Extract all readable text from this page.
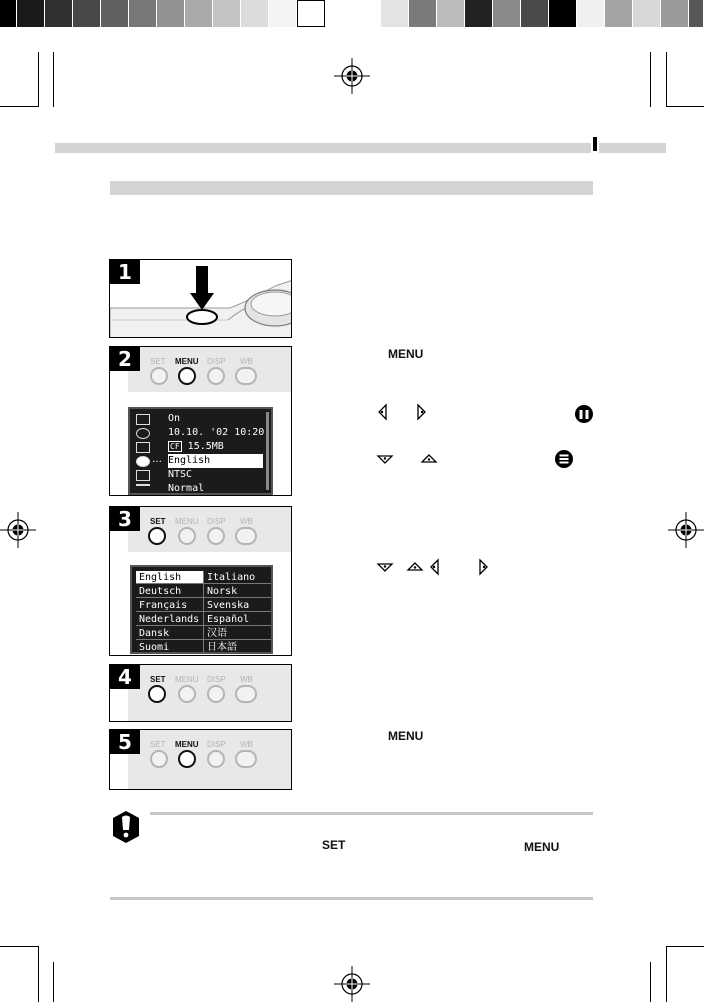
1
2	SET MENU DISP WB
On
10.10. '02 10:20
CF 15.5MB
… English
NTSC
Normal
3	SET MENU DISP WB
English	Italiano
Deutsch	Norsk
Français	Svenska
Nederlands Español
Dansk	汉语
Suomi	日本語
4	SET MENU DISP WB
5	SET MENU DISP WB
MENU
MENU
SET	MENU
